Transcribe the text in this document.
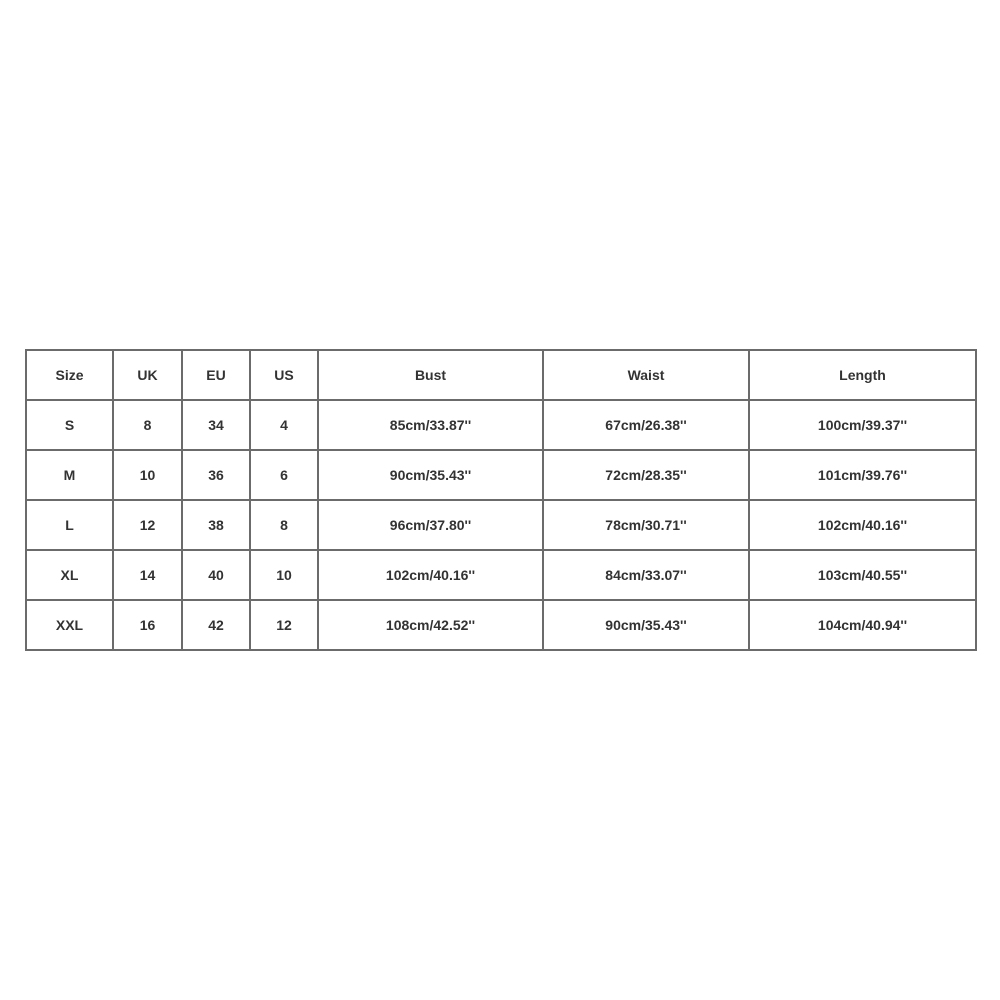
Size	UK	EU	US	Bust	Waist	Length
S	8	34	4	85cm/33.87''	67cm/26.38''	100cm/39.37''
M	10	36	6	90cm/35.43''	72cm/28.35''	101cm/39.76''
L	12	38	8	96cm/37.80''	78cm/30.71''	102cm/40.16''
XL	14	40	10	102cm/40.16''	84cm/33.07''	103cm/40.55''
XXL	16	42	12	108cm/42.52''	90cm/35.43''	104cm/40.94''
